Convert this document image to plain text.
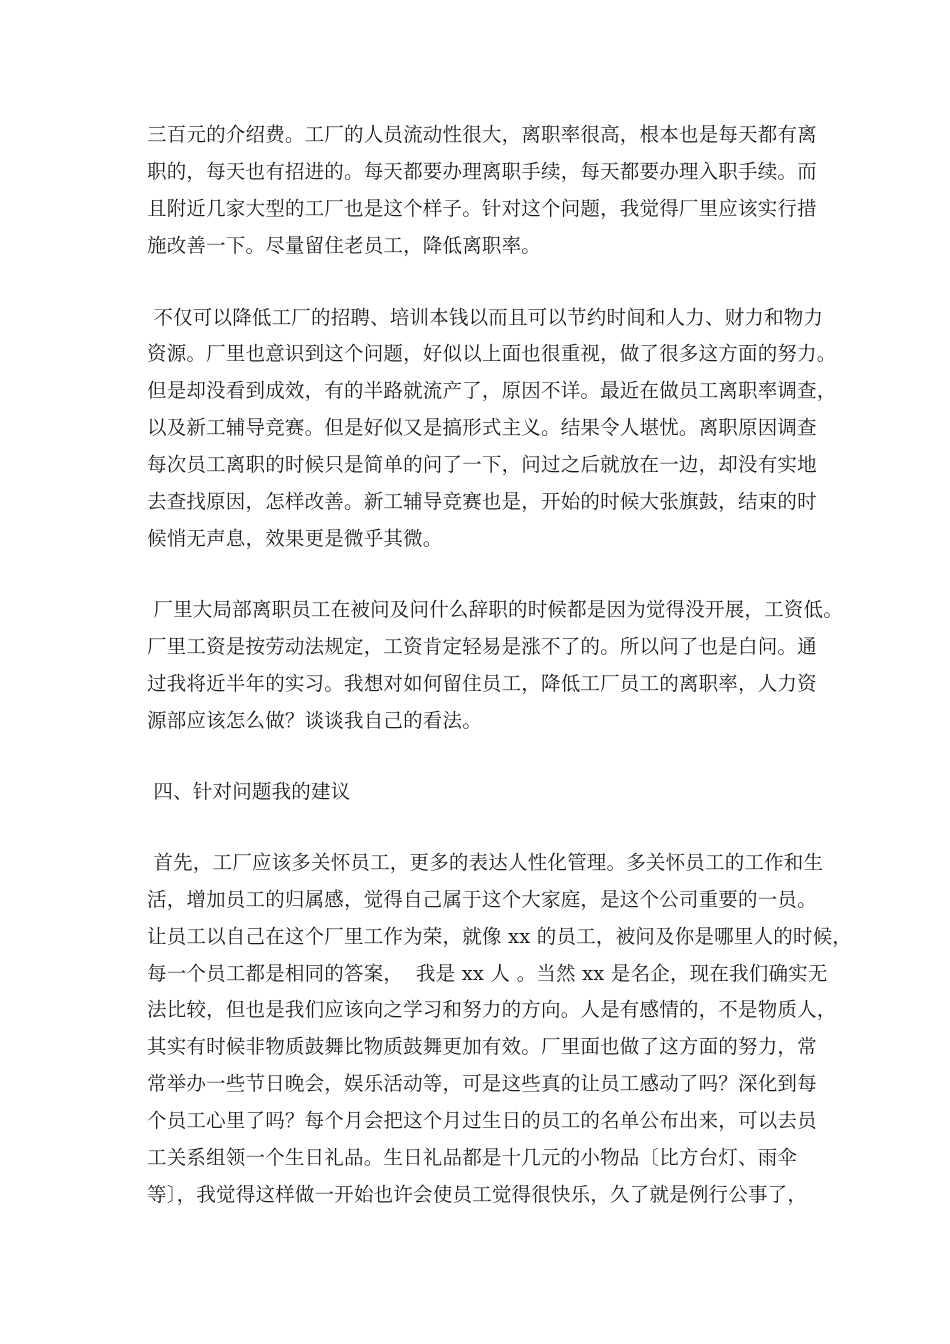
三百元的介绍费。工厂的人员流动性很大，离职率很高，根本也是每天都有离
职的，每天也有招进的。每天都要办理离职手续，每天都要办理入职手续。而
且附近几家大型的工厂也是这个样子。针对这个问题，我觉得厂里应该实行措
施改善一下。尽量留住老员工，降低离职率。
不仅可以降低工厂的招聘、培训本钱以而且可以节约时间和人力、财力和物力
资源。厂里也意识到这个问题，好似以上面也很重视，做了很多这方面的努力。
但是却没看到成效，有的半路就流产了，原因不详。最近在做员工离职率调查，
以及新工辅导竞赛。但是好似又是搞形式主义。结果令人堪忧。离职原因调查
每次员工离职的时候只是简单的问了一下，问过之后就放在一边，却没有实地
去查找原因，怎样改善。新工辅导竞赛也是，开始的时候大张旗鼓，结束的时
候悄无声息，效果更是微乎其微。
厂里大局部离职员工在被问及问什么辞职的时候都是因为觉得没开展，工资低。
厂里工资是按劳动法规定，工资肯定轻易是涨不了的。所以问了也是白问。通
过我将近半年的实习。我想对如何留住员工，降低工厂员工的离职率，人力资
源部应该怎么做？谈谈我自己的看法。
四、针对问题我的建议
首先，工厂应该多关怀员工，更多的表达人性化管理。多关怀员工的工作和生
活，增加员工的归属感，觉得自己属于这个大家庭，是这个公司重要的一员。
让员工以自己在这个厂里工作为荣，就像 xx 的员工，被问及你是哪里人的时候，
每一个员工都是相同的答案，  我是 xx 人 。当然 xx 是名企，现在我们确实无
法比较，但也是我们应该向之学习和努力的方向。人是有感情的，不是物质人，
其实有时候非物质鼓舞比物质鼓舞更加有效。厂里面也做了这方面的努力，常
常举办一些节日晚会，娱乐活动等，可是这些真的让员工感动了吗？深化到每
个员工心里了吗？每个月会把这个月过生日的员工的名单公布出来，可以去员
工关系组领一个生日礼品。生日礼品都是十几元的小物品〔比方台灯、雨伞
等〕，我觉得这样做一开始也许会使员工觉得很快乐，久了就是例行公事了，
